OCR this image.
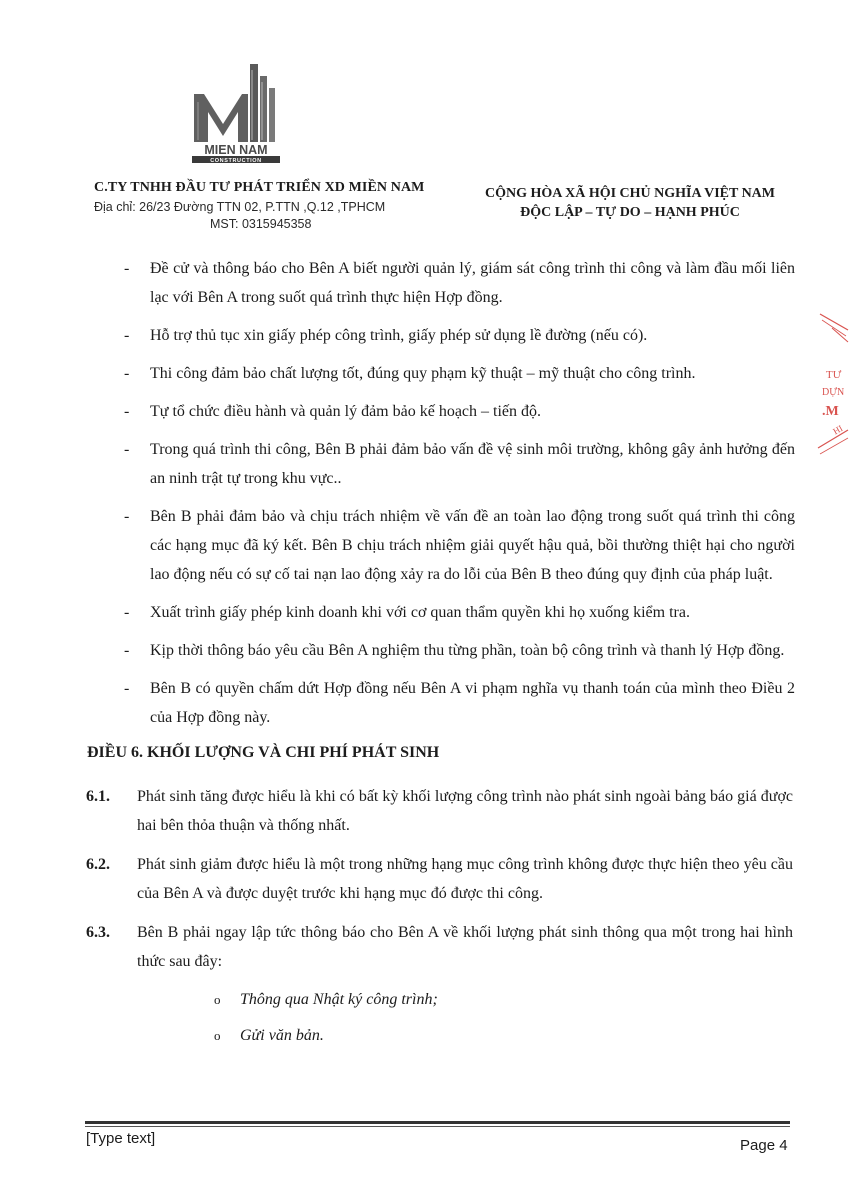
MIEN NAM
CONSTRUCTION
C.TY TNHH ĐẦU TƯ PHÁT TRIỂN XD MIỀN NAM
Địa chỉ: 26/23 Đường TTN 02, P.TTN ,Q.12 ,TPHCM
MST: 0315945358
CỘNG HÒA XÃ HỘI CHỦ NGHĨA VIỆT NAM
ĐỘC LẬP – TỰ DO – HẠNH PHÚC
TƯ
DỰN
.M
HI
- Đề cử và thông báo cho Bên A biết người quản lý, giám sát công trình thi công và làm đầu mối liên lạc với Bên A trong suốt quá trình thực hiện Hợp đồng.
- Hỗ trợ thủ tục xin giấy phép công trình, giấy phép sử dụng lề đường (nếu có).
- Thi công đảm bảo chất lượng tốt, đúng quy phạm kỹ thuật – mỹ thuật cho công trình.
- Tự tổ chức điều hành và quản lý đảm bảo kế hoạch – tiến độ.
- Trong quá trình thi công, Bên B phải đảm bảo vấn đề vệ sinh môi trường, không gây ảnh hưởng đến an ninh trật tự trong khu vực..
- Bên B phải đảm bảo và chịu trách nhiệm về vấn đề an toàn lao động trong suốt quá trình thi công các hạng mục đã ký kết. Bên B chịu trách nhiệm giải quyết hậu quả, bồi thường thiệt hại cho người lao động nếu có sự cố tai nạn lao động xảy ra do lỗi của Bên B theo đúng quy định của pháp luật.
- Xuất trình giấy phép kinh doanh khi với cơ quan thẩm quyền khi họ xuống kiểm tra.
- Kịp thời thông báo yêu cầu Bên A nghiệm thu từng phần, toàn bộ công trình và thanh lý Hợp đồng.
- Bên B có quyền chấm dứt Hợp đồng nếu Bên A vi phạm nghĩa vụ thanh toán của mình theo Điều 2 của Hợp đồng này.
ĐIỀU 6. KHỐI LƯỢNG VÀ CHI PHÍ PHÁT SINH
6.1. Phát sinh tăng được hiểu là khi có bất kỳ khối lượng công trình nào phát sinh ngoài bảng báo giá được hai bên thỏa thuận và thống nhất.
6.2. Phát sinh giảm được hiểu là một trong những hạng mục công trình không được thực hiện theo yêu cầu của Bên A và được duyệt trước khi hạng mục đó được thi công.
6.3. Bên B phải ngay lập tức thông báo cho Bên A về khối lượng phát sinh thông qua một trong hai hình thức sau đây:
o Thông qua Nhật ký công trình;
o Gửi văn bản.
[Type text]	Page 4
